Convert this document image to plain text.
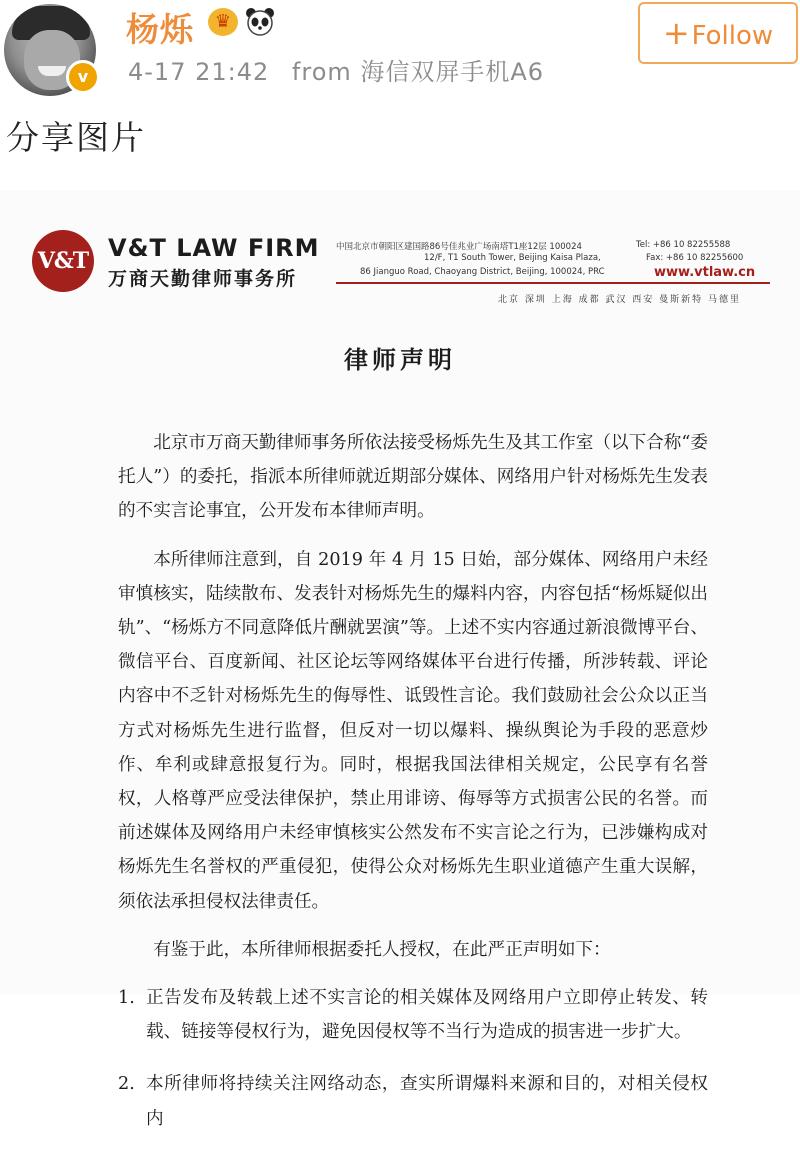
v
杨烁	♛
4-17 21:42 from 海信双屏手机A6
+Follow
分享图片
V&T V&T LAW FIRM
万商天勤律师事务所
中国北京市朝阳区建国路86号佳兆业广场南塔T1座12层 100024
12/F, T1 South Tower, Beijing Kaisa Plaza,
86 Jianguo Road, Chaoyang District, Beijing, 100024, PRC
Tel: +86 10 82255588
Fax: +86 10 82255600
www.vtlaw.cn
北京 深圳 上海 成都 武汉 西安 曼斯新特 马德里
律师声明

北京市万商天勤律师事务所依法接受杨烁先生及其工作室（以下合称“委托人”）的委托，指派本所律师就近期部分媒体、网络用户针对杨烁先生发表的不实言论事宜，公开发布本律师声明。

本所律师注意到，自 2019 年 4 月 15 日始，部分媒体、网络用户未经审慎核实，陆续散布、发表针对杨烁先生的爆料内容，内容包括“杨烁疑似出轨”、“杨烁方不同意降低片酬就罢演”等。上述不实内容通过新浪微博平台、微信平台、百度新闻、社区论坛等网络媒体平台进行传播，所涉转载、评论内容中不乏针对杨烁先生的侮辱性、诋毁性言论。我们鼓励社会公众以正当方式对杨烁先生进行监督，但反对一切以爆料、操纵舆论为手段的恶意炒作、牟利或肆意报复行为。同时，根据我国法律相关规定，公民享有名誉权，人格尊严应受法律保护，禁止用诽谤、侮辱等方式损害公民的名誉。而前述媒体及网络用户未经审慎核实公然发布不实言论之行为，已涉嫌构成对杨烁先生名誉权的严重侵犯，使得公众对杨烁先生职业道德产生重大误解，须依法承担侵权法律责任。

有鉴于此，本所律师根据委托人授权，在此严正声明如下：

1. 正告发布及转载上述不实言论的相关媒体及网络用户立即停止转发、转载、链接等侵权行为，避免因侵权等不当行为造成的损害进一步扩大。
2. 本所律师将持续关注网络动态，查实所谓爆料来源和目的，对相关侵权内
